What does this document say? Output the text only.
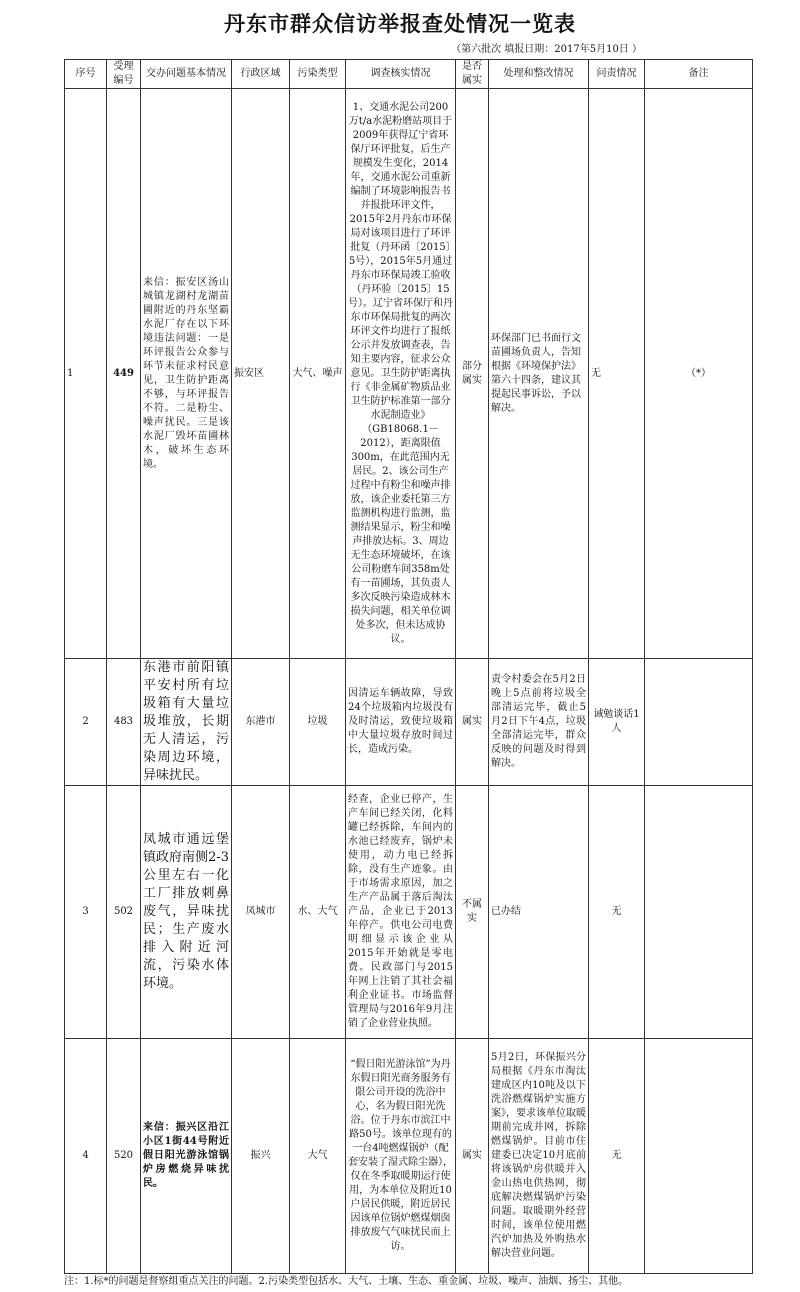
丹东市群众信访举报查处情况一览表
（第六批次 填报日期：2017年5月10日 ）
序号	受理编号	交办问题基本情况	行政区域	污染类型	调查核实情况	是否属实	处理和整改情况	问责情况	备注
1	449	来信：振安区汤山城镇龙湖村龙湖苗圃附近的丹东坚霸水泥厂存在以下环境违法问题：一是环评报告公众参与环节未征求村民意见，卫生防护距离不够，与环评报告不符。二是粉尘、噪声扰民。三是该水泥厂毁坏苗圃林木，破坏生态环境。	振安区	大气、噪声	1、交通水泥公司200万t/a水泥粉磨站项目于2009年获得辽宁省环保厅环评批复，后生产规模发生变化，2014年，交通水泥公司重新编制了环境影响报告书并报批环评文件，2015年2月丹东市环保局对该项目进行了环评批复（丹环函〔2015〕5号），2015年5月通过丹东市环保局竣工验收（丹环验〔2015〕15号）。辽宁省环保厅和丹东市环保局批复的两次环评文件均进行了报纸公示并发放调查表，告知主要内容，征求公众意见。卫生防护距离执行《非金属矿物质品业卫生防护标准第一部分水泥制造业》（GB18068.1－2012），距离限值300m，在此范围内无居民。2、该公司生产过程中有粉尘和噪声排放，该企业委托第三方监测机构进行监测，监测结果显示，粉尘和噪声排放达标。3、周边无生态环境破坏，在该公司粉磨车间358m处有一苗圃场，其负责人多次反映污染造成林木损失问题，相关单位调处多次，但未达成协议。	部分属实	环保部门已书面行文苗圃场负责人，告知根据《环境保护法》第六十四条，建议其提起民事诉讼，予以解决。	无	（*）
2	483	东港市前阳镇平安村所有垃圾箱有大量垃圾堆放，长期无人清运，污染周边环境，异味扰民。	东港市	垃圾	因清运车辆故障，导致24个垃圾箱内垃圾没有及时清运，致使垃圾箱中大量垃圾存放时间过长，造成污染。	属实	责令村委会在5月2日晚上5点前将垃圾全部清运完毕，截止5月2日下午4点，垃圾全部清运完毕，群众反映的问题及时得到解决。	诫勉谈话1人	
3	502	凤城市通远堡镇政府南侧2-3公里左右一化工厂排放刺鼻废气，异味扰民；生产废水排入附近河流，污染水体环境。	凤城市	水、大气	经查，企业已停产，生产车间已经关闭，化料罐已经拆除，车间内的水池已经废弃，锅炉未使用，动力电已经拆除，没有生产迹象。由于市场需求原因，加之生产产品属于落后淘汰产品，企业已于2013年停产。供电公司电费明细显示该企业从2015年开始就是零电费。民政部门与2015年网上注销了其社会福利企业证书。市场监督管理局与2016年9月注销了企业营业执照。	不属实	已办结	无	
4	520	来信：振兴区沿江小区1街44号附近假日阳光游泳馆锅炉房燃烧异味扰民。	振兴	大气	“假日阳光游泳馆”为丹东假日阳光商务服务有限公司开设的洗浴中心，名为假日阳光洗浴。位于丹东市滨江中路50号。该单位现有的一台4吨燃煤锅炉（配套安装了湿式除尘器），仅在冬季取暖期运行使用，为本单位及附近10户居民供暖，附近居民因该单位锅炉燃煤烟囱排放废气气味扰民而上访。	属实	5月2日，环保振兴分局根据《丹东市淘汰建成区内10吨及以下洗浴燃煤锅炉实施方案》，要求该单位取暖期前完成并网，拆除燃煤锅炉。目前市住建委已决定10月底前将该锅炉房供暖并入金山热电供热网，彻底解决燃煤锅炉污染问题。取暖期外经营时间，该单位使用燃汽炉加热及外购热水解决营业问题。	无	
注：1.标*的问题是督察组重点关注的问题。2.污染类型包括水、大气、土壤、生态、重金属、垃圾、噪声、油烟、扬尘、其他。
